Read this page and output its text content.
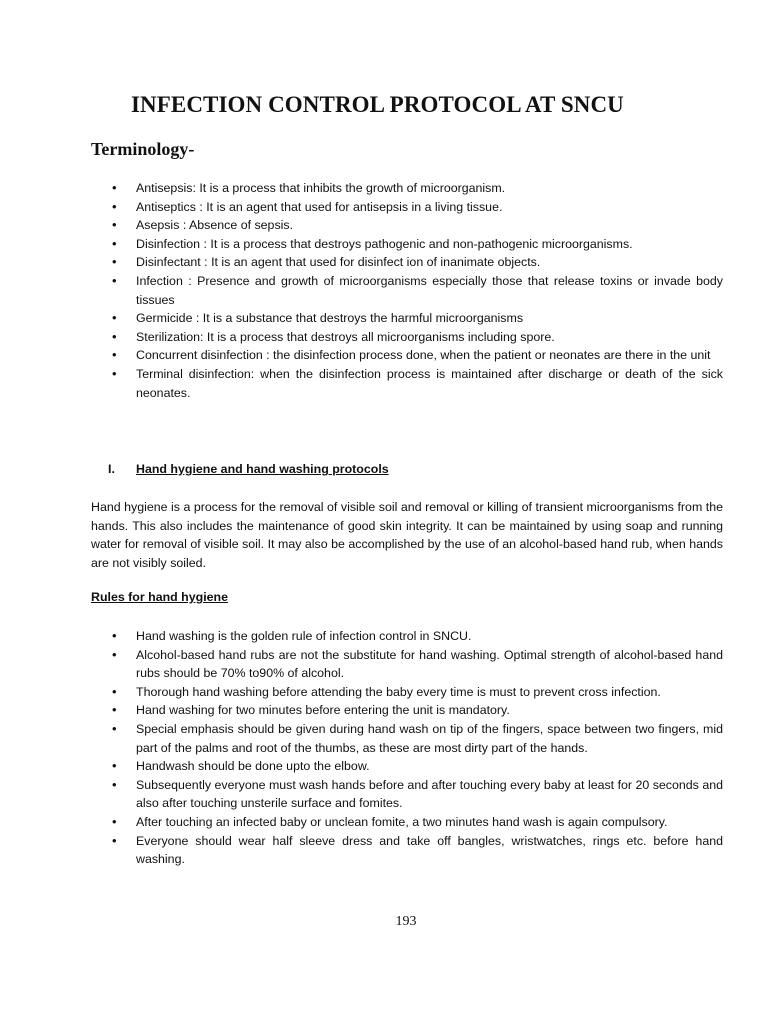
INFECTION CONTROL PROTOCOL AT SNCU
Terminology-
• Antisepsis: It is a process that inhibits the growth of microorganism.
• Antiseptics : It is an agent that used for antisepsis in a living tissue.
• Asepsis : Absence of sepsis.
• Disinfection : It is a process that destroys pathogenic and non-pathogenic microorganisms.
• Disinfectant : It is an agent that used for disinfect ion of inanimate objects.
• Infection : Presence and growth of microorganisms especially those that release toxins or invade body tissues
• Germicide : It is a substance that destroys the harmful microorganisms
• Sterilization: It is a process that destroys all microorganisms including spore.
• Concurrent disinfection : the disinfection process done, when the patient or neonates are there in the unit
• Terminal disinfection: when the disinfection process is maintained after discharge or death of the sick neonates.
I. Hand hygiene and hand washing protocols

Hand hygiene is a process for the removal of visible soil and removal or killing of transient microorganisms from the hands. This also includes the maintenance of good skin integrity. It can be maintained by using soap and running water for removal of visible soil. It may also be accomplished by the use of an alcohol-based hand rub, when hands are not visibly soiled.

Rules for hand hygiene
• Hand washing is the golden rule of infection control in SNCU.
• Alcohol-based hand rubs are not the substitute for hand washing. Optimal strength of alcohol-based hand rubs should be 70% to90% of alcohol.
• Thorough hand washing before attending the baby every time is must to prevent cross infection.
• Hand washing for two minutes before entering the unit is mandatory.
• Special emphasis should be given during hand wash on tip of the fingers, space between two fingers, mid part of the palms and root of the thumbs, as these are most dirty part of the hands.
• Handwash should be done upto the elbow.
• Subsequently everyone must wash hands before and after touching every baby at least for 20 seconds and also after touching unsterile surface and fomites.
• After touching an infected baby or unclean fomite, a two minutes hand wash is again compulsory.
• Everyone should wear half sleeve dress and take off bangles, wristwatches, rings etc. before hand washing.
193
